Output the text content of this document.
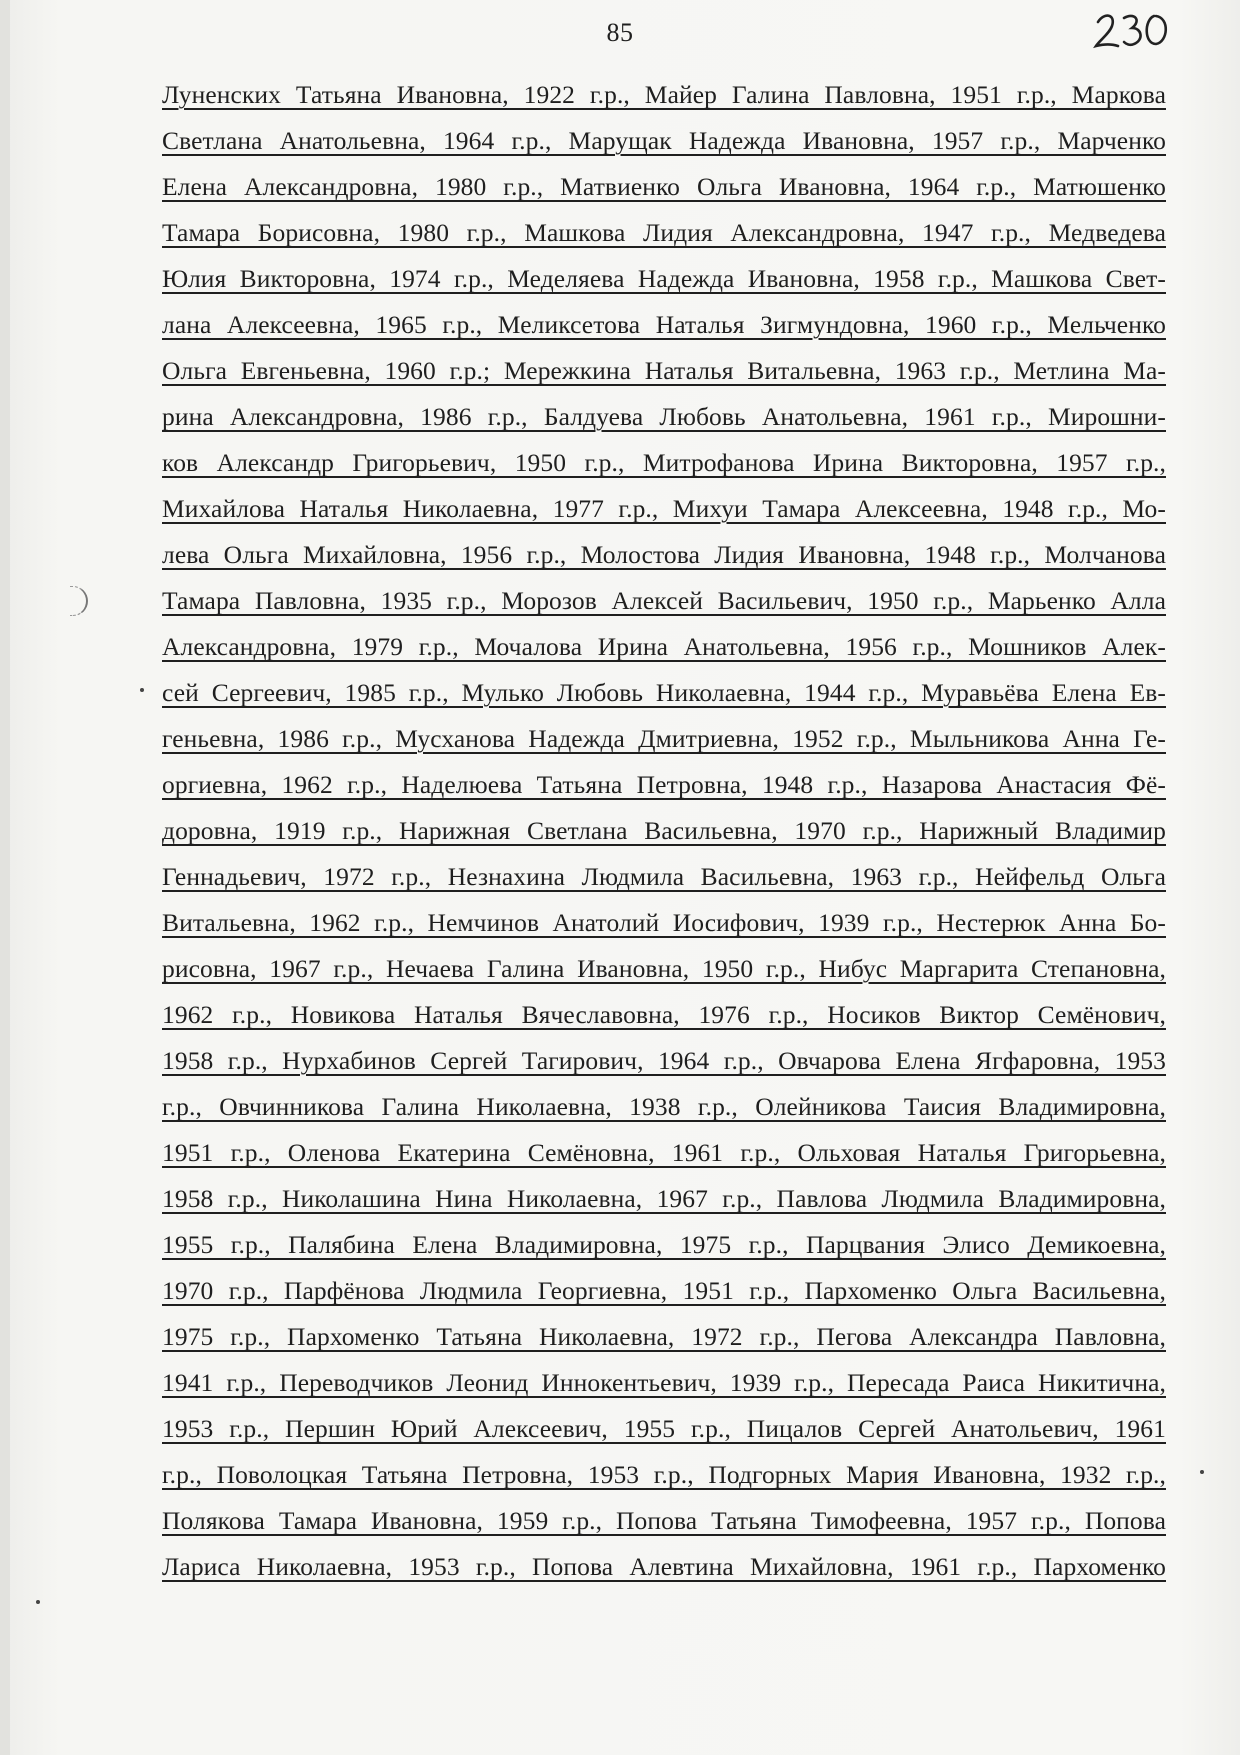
85
Луненских Татьяна Ивановна, 1922 г.р., Майер Галина Павловна, 1951 г.р., Маркова
Светлана Анатольевна, 1964 г.р., Марущак Надежда Ивановна, 1957 г.р., Марченко
Елена Александровна, 1980 г.р., Матвиенко Ольга Ивановна, 1964 г.р., Матюшенко
Тамара Борисовна, 1980 г.р., Машкова Лидия Александровна, 1947 г.р., Медведева
Юлия Викторовна, 1974 г.р., Меделяева Надежда Ивановна, 1958 г.р., Машкова Свет-
лана Алексеевна, 1965 г.р., Меликсетова Наталья Зигмундовна, 1960 г.р., Мельченко
Ольга Евгеньевна, 1960 г.р.; Мережкина Наталья Витальевна, 1963 г.р., Метлина Ма-
рина Александровна, 1986 г.р., Балдуева Любовь Анатольевна, 1961 г.р., Мирошни-
ков Александр Григорьевич, 1950 г.р., Митрофанова Ирина Викторовна, 1957 г.р.,
Михайлова Наталья Николаевна, 1977 г.р., Михуи Тамара Алексеевна, 1948 г.р., Мо-
лева Ольга Михайловна, 1956 г.р., Молостова Лидия Ивановна, 1948 г.р., Молчанова
Тамара Павловна, 1935 г.р., Морозов Алексей Васильевич, 1950 г.р., Марьенко Алла
Александровна, 1979 г.р., Мочалова Ирина Анатольевна, 1956 г.р., Мошников Алек-
сей Сергеевич, 1985 г.р., Мулько Любовь Николаевна, 1944 г.р., Муравьёва Елена Ев-
геньевна, 1986 г.р., Мусханова Надежда Дмитриевна, 1952 г.р., Мыльникова Анна Ге-
оргиевна, 1962 г.р., Наделюева Татьяна Петровна, 1948 г.р., Назарова Анастасия Фё-
доровна, 1919 г.р., Нарижная Светлана Васильевна, 1970 г.р., Нарижный Владимир
Геннадьевич, 1972 г.р., Незнахина Людмила Васильевна, 1963 г.р., Нейфельд Ольга
Витальевна, 1962 г.р., Немчинов Анатолий Иосифович, 1939 г.р., Нестерюк Анна Бо-
рисовна, 1967 г.р., Нечаева Галина Ивановна, 1950 г.р., Нибус Маргарита Степановна,
1962 г.р., Новикова Наталья Вячеславовна, 1976 г.р., Носиков Виктор Семёнович,
1958 г.р., Нурхабинов Сергей Тагирович, 1964 г.р., Овчарова Елена Ягфаровна, 1953
г.р., Овчинникова Галина Николаевна, 1938 г.р., Олейникова Таисия Владимировна,
1951 г.р., Оленова Екатерина Семёновна, 1961 г.р., Ольховая Наталья Григорьевна,
1958 г.р., Николашина Нина Николаевна, 1967 г.р., Павлова Людмила Владимировна,
1955 г.р., Палябина Елена Владимировна, 1975 г.р., Парцвания Элисо Демикоевна,
1970 г.р., Парфёнова Людмила Георгиевна, 1951 г.р., Пархоменко Ольга Васильевна,
1975 г.р., Пархоменко Татьяна Николаевна, 1972 г.р., Пегова Александра Павловна,
1941 г.р., Переводчиков Леонид Иннокентьевич, 1939 г.р., Пересада Раиса Никитична,
1953 г.р., Першин Юрий Алексеевич, 1955 г.р., Пицалов Сергей Анатольевич, 1961
г.р., Поволоцкая Татьяна Петровна, 1953 г.р., Подгорных Мария Ивановна, 1932 г.р.,
Полякова Тамара Ивановна, 1959 г.р., Попова Татьяна Тимофеевна, 1957 г.р., Попова
Лариса Николаевна, 1953 г.р., Попова Алевтина Михайловна, 1961 г.р., Пархоменко
